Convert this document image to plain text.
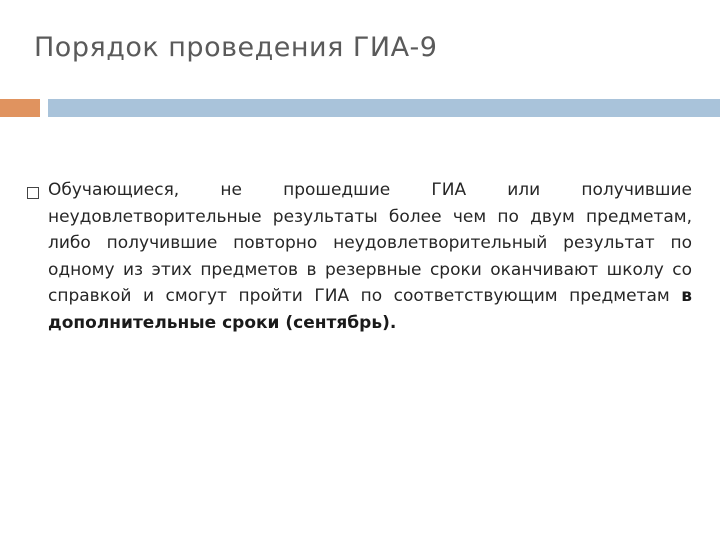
Порядок проведения ГИА-9

Обучающиеся, не прошедшие ГИА или получившие неудовлетворительные результаты более чем по двум предметам, либо получившие повторно неудовлетворительный результат по одному из этих предметов в резервные сроки оканчивают школу со справкой и смогут пройти ГИА по соответствующим предметам в дополнительные сроки (сентябрь).
